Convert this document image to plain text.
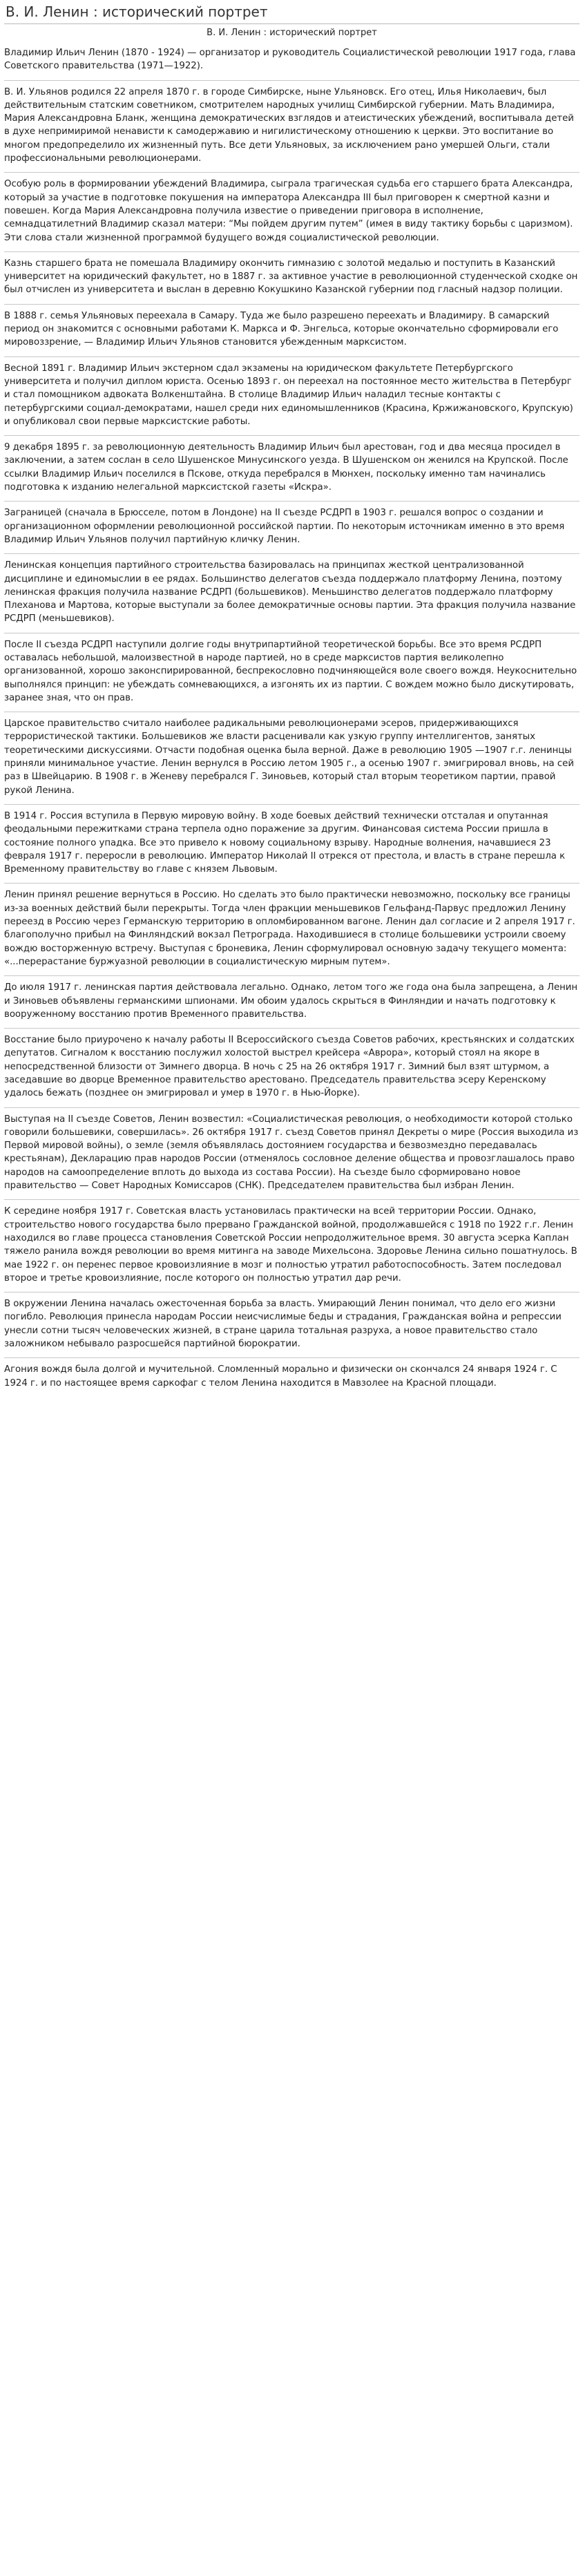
В. И. Ленин : исторический портрет
В. И. Ленин : исторический портрет

Владимир Ильич Ленин (1870 - 1924) — организатор и руководитель Социалистической революции 1917 года, глава Советского правительства (1971—1922).

В. И. Ульянов родился 22 апреля 1870 г. в городе Симбирске, ныне Ульяновск. Его отец, Илья Николаевич, был действительным статским советником, смотрителем народных училищ Симбирской губернии. Мать Владимира, Мария Александровна Бланк, женщина демократических взглядов и атеистических убеждений, воспитывала детей в духе непримиримой ненависти к самодержавию и нигилистическому отношению к церкви. Это воспитание во многом предопределило их жизненный путь. Все дети Ульяновых, за исключением рано умершей Ольги, стали профессиональными революционерами.

Особую роль в формировании убеждений Владимира, сыграла трагическая судьба его старшего брата Александра, который за участие в подготовке покушения на императора Александра III был приговорен к смертной казни и повешен. Когда Мария Александровна получила известие о приведении приговора в исполнение, семнадцатилетний Владимир сказал матери: “Мы пойдем другим путем” (имея в виду тактику борьбы с царизмом). Эти слова стали жизненной программой будущего вождя социалистической революции.

Казнь старшего брата не помешала Владимиру окончить гимназию с золотой медалью и поступить в Казанский университет на юридический факультет, но в 1887 г. за активное участие в революционной студенческой сходке он был отчислен из университета и выслан в деревню Кокушкино Казанской губернии под гласный надзор полиции.

В 1888 г. семья Ульяновых переехала в Самару. Туда же было разрешено переехать и Владимиру. В самарский период он знакомится с основными работами К. Маркса и Ф. Энгельса, которые окончательно сформировали его мировоззрение, — Владимир Ильич Ульянов становится убежденным марксистом.

Весной 1891 г. Владимир Ильич экстерном сдал экзамены на юридическом факультете Петербургского университета и получил диплом юриста. Осенью 1893 г. он переехал на постоянное место жительства в Петербург и стал помощником адвоката Волкенштайна. В столице Владимир Ильич наладил тесные контакты с петербургскими социал-демократами, нашел среди них единомышленников (Красина, Кржижановского, Крупскую) и опубликовал свои первые марксистские работы.

9 декабря 1895 г. за революционную деятельность Владимир Ильич был арестован, год и два месяца просидел в заключении, а затем сослан в село Шушенское Минусинского уезда. В Шушенском он женился на Крупской. После ссылки Владимир Ильич поселился в Пскове, откуда перебрался в Мюнхен, поскольку именно там начинались подготовка к изданию нелегальной марксистской газеты «Искра».

Заграницей (сначала в Брюсселе, потом в Лондоне) на II съезде РСДРП в 1903 г. решался вопрос о создании и организационном оформлении революционной российской партии. По некоторым источникам именно в это время Владимир Ильич Ульянов получил партийную кличку Ленин.

Ленинская концепция партийного строительства базировалась на принципах жесткой централизованной дисциплине и единомыслии в ее рядах. Большинство делегатов съезда поддержало платформу Ленина, поэтому ленинская фракция получила название РСДРП (большевиков). Меньшинство делегатов поддержало платформу Плеханова и Мартова, которые выступали за более демократичные основы партии. Эта фракция получила название РСДРП (меньшевиков).

После II съезда РСДРП наступили долгие годы внутрипартийной теоретической борьбы. Все это время РСДРП оставалась небольшой, малоизвестной в народе партией, но в среде марксистов партия великолепно организованной, хорошо законспирированной, беспрекословно подчиняющейся воле своего вождя. Неукоснительно выполнялся принцип: не убеждать сомневающихся, а изгонять их из партии. С вождем можно было дискутировать, заранее зная, что он прав.

Царское правительство считало наиболее радикальными революционерами эсеров, придерживающихся террористической тактики. Большевиков же власти расценивали как узкую группу интеллигентов, занятых теоретическими дискуссиями. Отчасти подобная оценка была верной. Даже в революцию 1905 —1907 г.г. ленинцы приняли минимальное участие. Ленин вернулся в Россию летом 1905 г., а осенью 1907 г. эмигрировал вновь, на сей раз в Швейцарию. В 1908 г. в Женеву перебрался Г. Зиновьев, который стал вторым теоретиком партии, правой рукой Ленина.

В 1914 г. Россия вступила в Первую мировую войну. В ходе боевых действий технически отсталая и опутанная феодальными пережитками страна терпела одно поражение за другим. Финансовая система России пришла в состояние полного упадка. Все это привело к новому социальному взрыву. Народные волнения, начавшиеся 23 февраля 1917 г. переросли в революцию. Император Николай II отрекся от престола, и власть в стране перешла к Временному правительству во главе с князем Львовым.

Ленин принял решение вернуться в Россию. Но сделать это было практически невозможно, поскольку все границы из-за военных действий были перекрыты. Тогда член фракции меньшевиков Гельфанд-Парвус предложил Ленину переезд в Россию через Германскую территорию в опломбированном вагоне. Ленин дал согласие и 2 апреля 1917 г. благополучно прибыл на Финляндский вокзал Петрограда. Находившиеся в столице большевики устроили своему вождю восторженную встречу. Выступая с броневика, Ленин сформулировал основную задачу текущего момента: «...перерастание буржуазной революции в социалистическую мирным путем».

До июля 1917 г. ленинская партия действовала легально. Однако, летом того же года она была запрещена, а Ленин и Зиновьев объявлены германскими шпионами. Им обоим удалось скрыться в Финляндии и начать подготовку к вооруженному восстанию против Временного правительства.

Восстание было приурочено к началу работы II Всероссийского съезда Советов рабочих, крестьянских и солдатских депутатов. Сигналом к восстанию послужил холостой выстрел крейсера «Аврора», который стоял на якоре в непосредственной близости от Зимнего дворца. В ночь с 25 на 26 октября 1917 г. Зимний был взят штурмом, а заседавшие во дворце Временное правительство арестовано. Председатель правительства эсеру Керенскому удалось бежать (позднее он эмигрировал и умер в 1970 г. в Нью-Йорке).

Выступая на II съезде Советов, Ленин возвестил: «Социалистическая революция, о необходимости которой столько говорили большевики, совершилась». 26 октября 1917 г. съезд Советов принял Декреты о мире (Россия выходила из Первой мировой войны), о земле (земля объявлялась достоянием государства и безвозмездно передавалась крестьянам), Декларацию прав народов России (отменялось сословное деление общества и провозглашалось право народов на самоопределение вплоть до выхода из состава России). На съезде было сформировано новое правительство — Совет Народных Комиссаров (СНК). Председателем правительства был избран Ленин.

К середине ноября 1917 г. Советская власть установилась практически на всей территории России. Однако, строительство нового государства было прервано Гражданской войной, продолжавшейся с 1918 по 1922 г.г. Ленин находился во главе процесса становления Советской России непродолжительное время. 30 августа эсерка Каплан тяжело ранила вождя революции во время митинга на заводе Михельсона. Здоровье Ленина сильно пошатнулось. В мае 1922 г. он перенес первое кровоизлияние в мозг и полностью утратил работоспособность. Затем последовал второе и третье кровоизлияние, после которого он полностью утратил дар речи.

В окружении Ленина началась ожесточенная борьба за власть. Умирающий Ленин понимал, что дело его жизни погибло. Революция принесла народам России неисчислимые беды и страдания, Гражданская война и репрессии унесли сотни тысяч человеческих жизней, в стране царила тотальная разруха, а новое правительство стало заложником небывало разросшейся партийной бюрократии.

Агония вождя была долгой и мучительной. Сломленный морально и физически он скончался 24 января 1924 г. С 1924 г. и по настоящее время саркофаг с телом Ленина находится в Мавзолее на Красной площади.
